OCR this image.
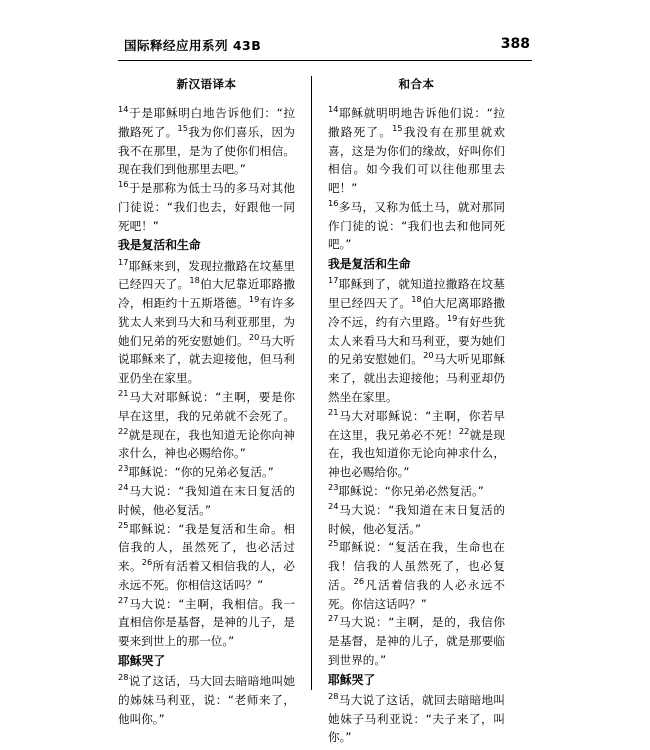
国际释经应用系列 43B	388
新汉语译本

$^{14}$于是耶稣明白地告诉他们：“拉撒路死了。$^{15}$我为你们喜乐，因为我不在那里，是为了使你们相信。现在我们到他那里去吧。”

$^{16}$于是那称为低士马的多马对其他门徒说：“我们也去，好跟他一同死吧！”

我是复活和生命

$^{17}$耶稣来到，发现拉撒路在坟墓里已经四天了。$^{18}$伯大尼靠近耶路撒冷，相距约十五斯塔德。$^{19}$有许多犹太人来到马大和马利亚那里，为她们兄弟的死安慰她们。$^{20}$马大听说耶稣来了，就去迎接他，但马利亚仍坐在家里。

$^{21}$马大对耶稣说：“主啊，要是你早在这里，我的兄弟就不会死了。$^{22}$就是现在，我也知道无论你向神求什么，神也必赐给你。”

$^{23}$耶稣说：“你的兄弟必复活。”

$^{24}$马大说：“我知道在末日复活的时候，他必复活。”

$^{25}$耶稣说：“我是复活和生命。相信我的人，虽然死了，也必活过来。$^{26}$所有活着又相信我的人，必永远不死。你相信这话吗？”

$^{27}$马大说：“主啊，我相信。我一直相信你是基督，是神的儿子，是要来到世上的那一位。”

耶稣哭了

$^{28}$说了这话，马大回去暗暗地叫她的姊妹马利亚，说：“老师来了，他叫你。”

和合本

$^{14}$耶稣就明明地告诉他们说：“拉撒路死了。$^{15}$我没有在那里就欢喜，这是为你们的缘故，好叫你们相信。如今我们可以往他那里去吧！”

$^{16}$多马，又称为低土马，就对那同作门徒的说：“我们也去和他同死吧。”

我是复活和生命

$^{17}$耶稣到了，就知道拉撒路在坟墓里已经四天了。$^{18}$伯大尼离耶路撒冷不远，约有六里路。$^{19}$有好些犹太人来看马大和马利亚，要为她们的兄弟安慰她们。$^{20}$马大听见耶稣来了，就出去迎接他；马利亚却仍然坐在家里。

$^{21}$马大对耶稣说：“主啊，你若早在这里，我兄弟必不死！$^{22}$就是现在，我也知道你无论向神求什么，神也必赐给你。”

$^{23}$耶稣说：“你兄弟必然复活。”

$^{24}$马大说：“我知道在末日复活的时候，他必复活。”

$^{25}$耶稣说：“复活在我，生命也在我！信我的人虽然死了，也必复活。$^{26}$凡活着信我的人必永远不死。你信这话吗？”

$^{27}$马大说：“主啊，是的，我信你是基督，是神的儿子，就是那要临到世界的。”

耶稣哭了

$^{28}$马大说了这话，就回去暗暗地叫她妹子马利亚说：“夫子来了，叫你。”
